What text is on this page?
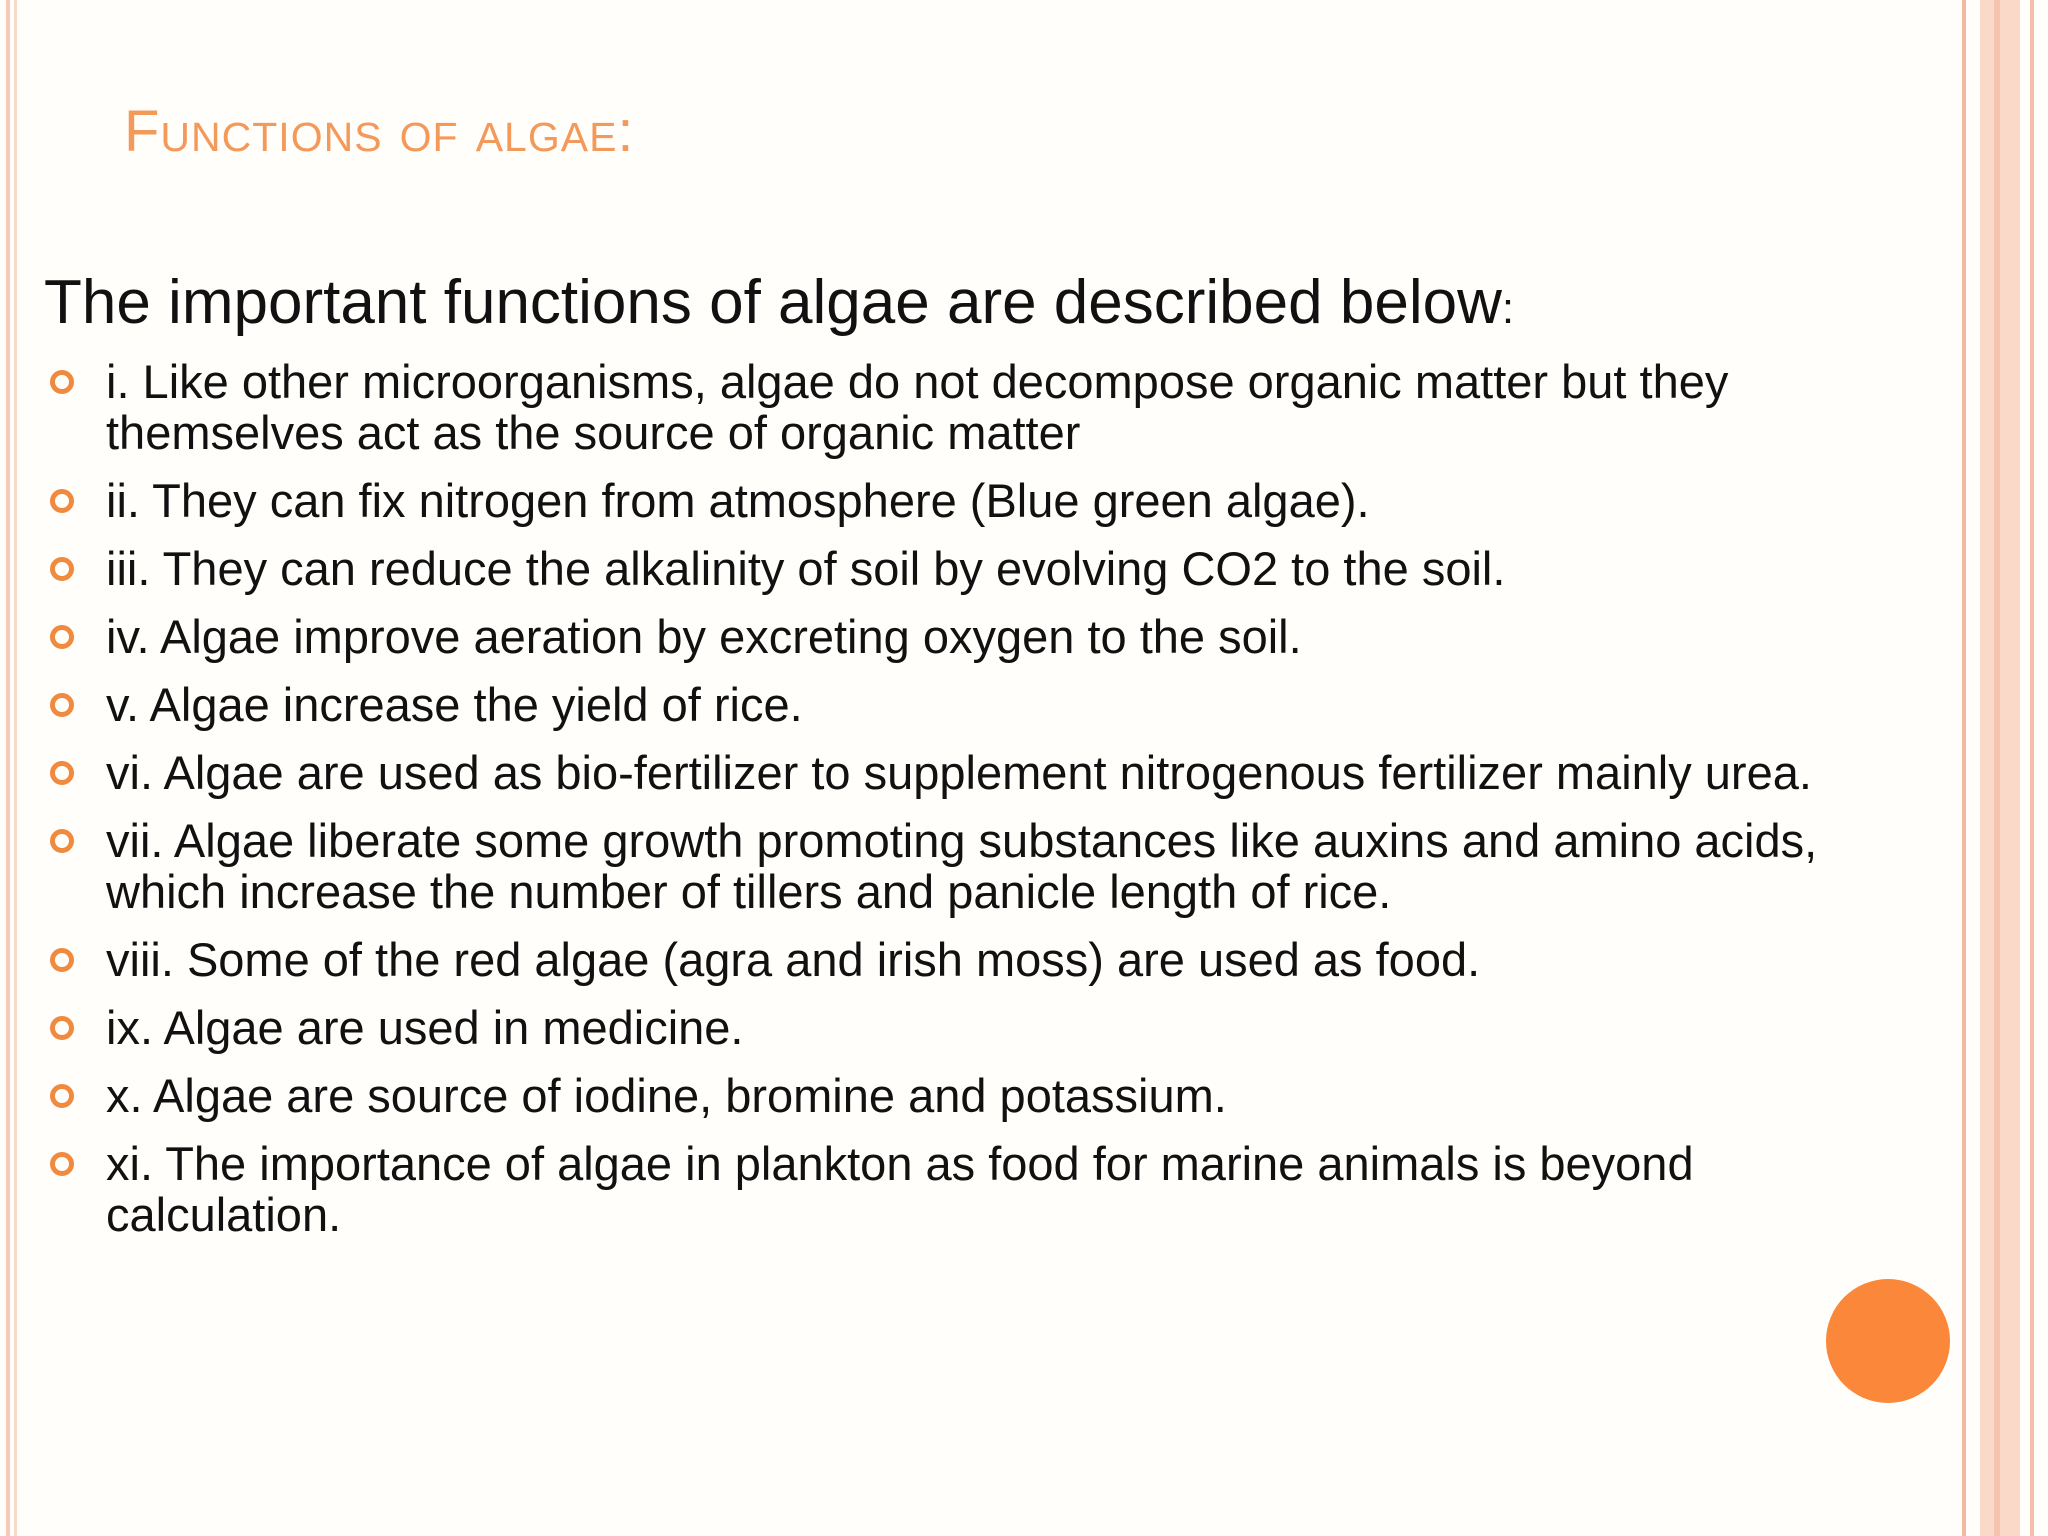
Functions of algae:

The important functions of algae are described below:

i. Like other microorganisms, algae do not decompose organic matter but they themselves act as the source of organic matter
ii. They can fix nitrogen from atmosphere (Blue green algae).
iii. They can reduce the alkalinity of soil by evolving CO2 to the soil.
iv. Algae improve aeration by excreting oxygen to the soil.
v. Algae increase the yield of rice.
vi. Algae are used as bio-fertilizer to supplement nitrogenous fertilizer mainly urea.
vii. Algae liberate some growth promoting substances like auxins and amino acids, which increase the number of tillers and panicle length of rice.
viii. Some of the red algae (agra and irish moss) are used as food.
ix. Algae are used in medicine.
x. Algae are source of iodine, bromine and potassium.
xi. The importance of algae in plankton as food for marine animals is beyond calculation.
